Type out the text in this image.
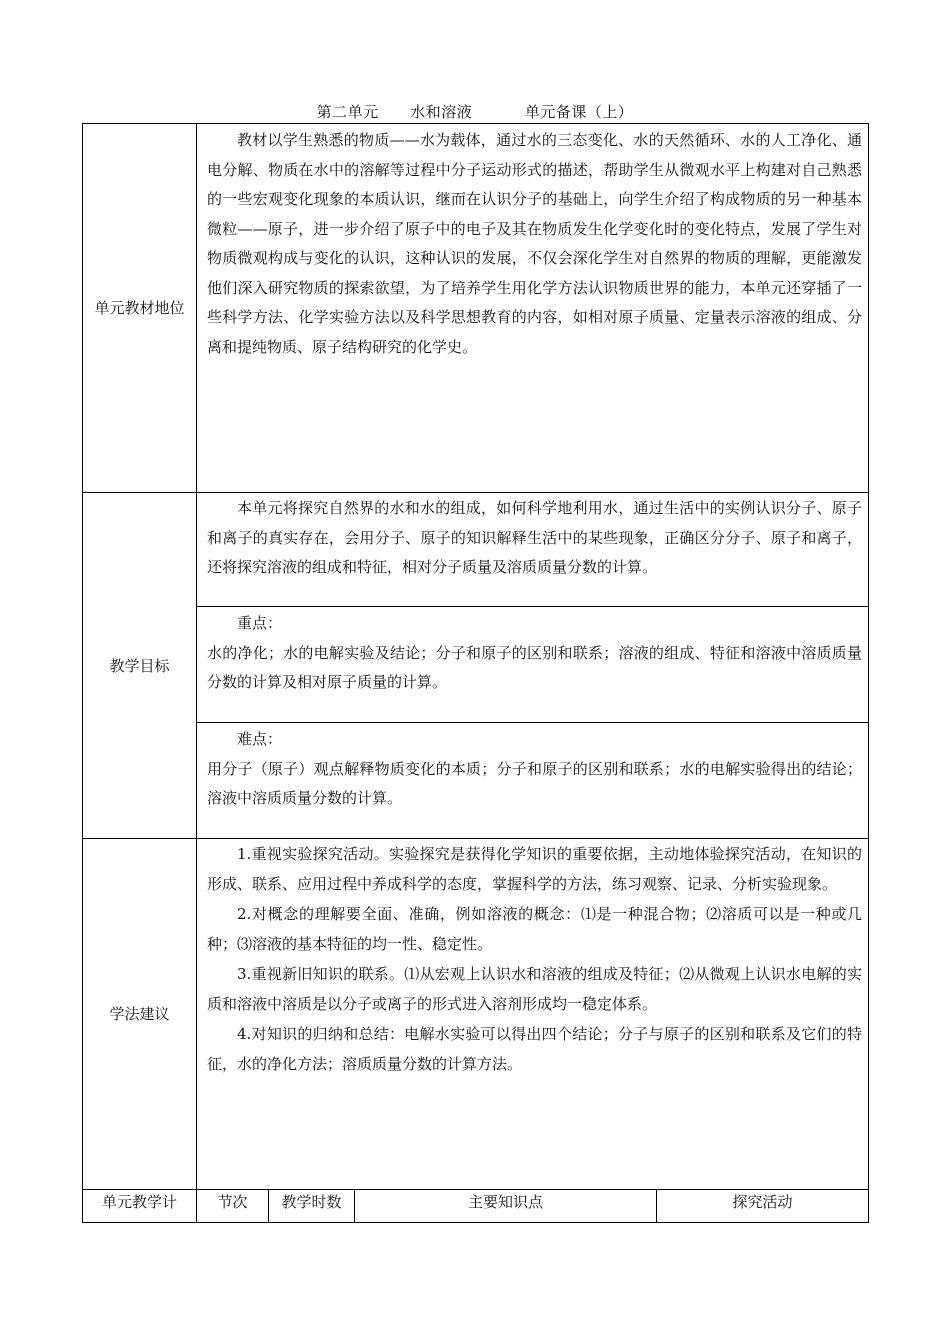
第二单元      水和溶液          单元备课（上）
单元教材地位	教材以学生熟悉的物质——水为载体，通过水的三态变化、水的天然循环、水的人工净化、通电分解、物质在水中的溶解等过程中分子运动形式的描述，帮助学生从微观水平上构建对自己熟悉的一些宏观变化现象的本质认识，继而在认识分子的基础上，向学生介绍了构成物质的另一种基本微粒——原子，进一步介绍了原子中的电子及其在物质发生化学变化时的变化特点，发展了学生对物质微观构成与变化的认识，这种认识的发展，不仅会深化学生对自然界的物质的理解，更能激发他们深入研究物质的探索欲望，为了培养学生用化学方法认识物质世界的能力，本单元还穿插了一些科学方法、化学实验方法以及科学思想教育的内容，如相对原子质量、定量表示溶液的组成、分离和提纯物质、原子结构研究的化学史。			

教学目标	本单元将探究自然界的水和水的组成，如何科学地利用水，通过生活中的实例认识分子、原子和离子的真实存在，会用分子、原子的知识解释生活中的某些现象，正确区分分子、原子和离子，还将探究溶液的组成和特征，相对分子质量及溶质质量分数的计算。			

	重点：

水的净化；水的电解实验及结论；分子和原子的区别和联系；溶液的组成、特征和溶液中溶质质量分数的计算及相对原子质量的计算。			

	难点：

用分子（原子）观点解释物质变化的本质；分子和原子的区别和联系；水的电解实验得出的结论；溶液中溶质质量分数的计算。			

学法建议	1.重视实验探究活动。实验探究是获得化学知识的重要依据，主动地体验探究活动，在知识的形成、联系、应用过程中养成科学的态度，掌握科学的方法，练习观察、记录、分析实验现象。

2.对概念的理解要全面、准确，例如溶液的概念：⑴是一种混合物；⑵溶质可以是一种或几种；⑶溶液的基本特征的均一性、稳定性。

3.重视新旧知识的联系。⑴从宏观上认识水和溶液的组成及特征；⑵从微观上认识水电解的实质和溶液中溶质是以分子或离子的形式进入溶剂形成均一稳定体系。

4.对知识的归纳和总结：电解水实验可以得出四个结论；分子与原子的区别和联系及它们的特征，水的净化方法；溶质质量分数的计算方法。			

单元教学计	节次	教学时数	主要知识点	探究活动
